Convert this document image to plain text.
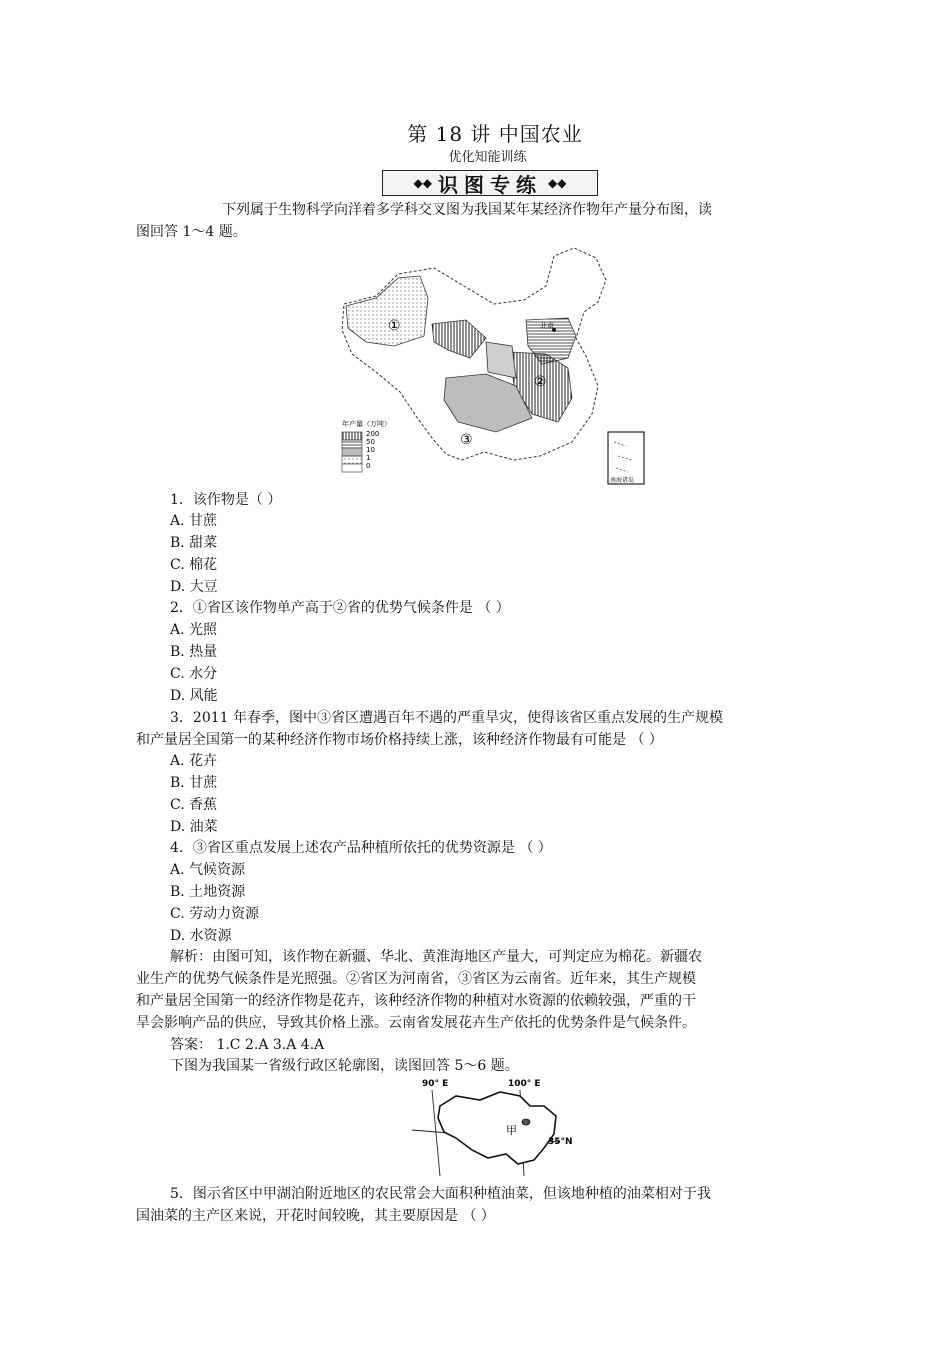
第 18 讲 中国农业
优化知能训练
◆◆ 识图专练 ◆◆
下列属于生物科学向洋着多学科交叉图为我国某年某经济作物年产量分布图，读
图回答 1～4 题。
北京
①
②
③
年产量（万吨）
200
50
10
1
0
南海诸岛
1．该作物是（ ）
A. 甘蔗
B. 甜菜
C. 棉花
D. 大豆
2．①省区该作物单产高于②省的优势气候条件是 （ ）
A. 光照
B. 热量
C. 水分
D. 风能
3．2011 年春季，图中③省区遭遇百年不遇的严重旱灾，使得该省区重点发展的生产规模
和产量居全国第一的某种经济作物市场价格持续上涨，该种经济作物最有可能是 （ ）
A. 花卉
B. 甘蔗
C. 香蕉
D. 油菜
4．③省区重点发展上述农产品种植所依托的优势资源是 （ ）
A. 气候资源
B. 土地资源
C. 劳动力资源
D. 水资源
解析：由图可知，该作物在新疆、华北、黄淮海地区产量大，可判定应为棉花。新疆农
业生产的优势气候条件是光照强。②省区为河南省，③省区为云南省。近年来，其生产规模
和产量居全国第一的经济作物是花卉，该种经济作物的种植对水资源的依赖较强，严重的干
旱会影响产品的供应，导致其价格上涨。云南省发展花卉生产依托的优势条件是气候条件。
答案： 1.C 2.A 3.A 4.A
下图为我国某一省级行政区轮廓图，读图回答 5～6 题。
90° E	100° E
35°N
甲
5．图示省区中甲湖泊附近地区的农民常会大面积种植油菜，但该地种植的油菜相对于我
国油菜的主产区来说，开花时间较晚，其主要原因是 （ ）
